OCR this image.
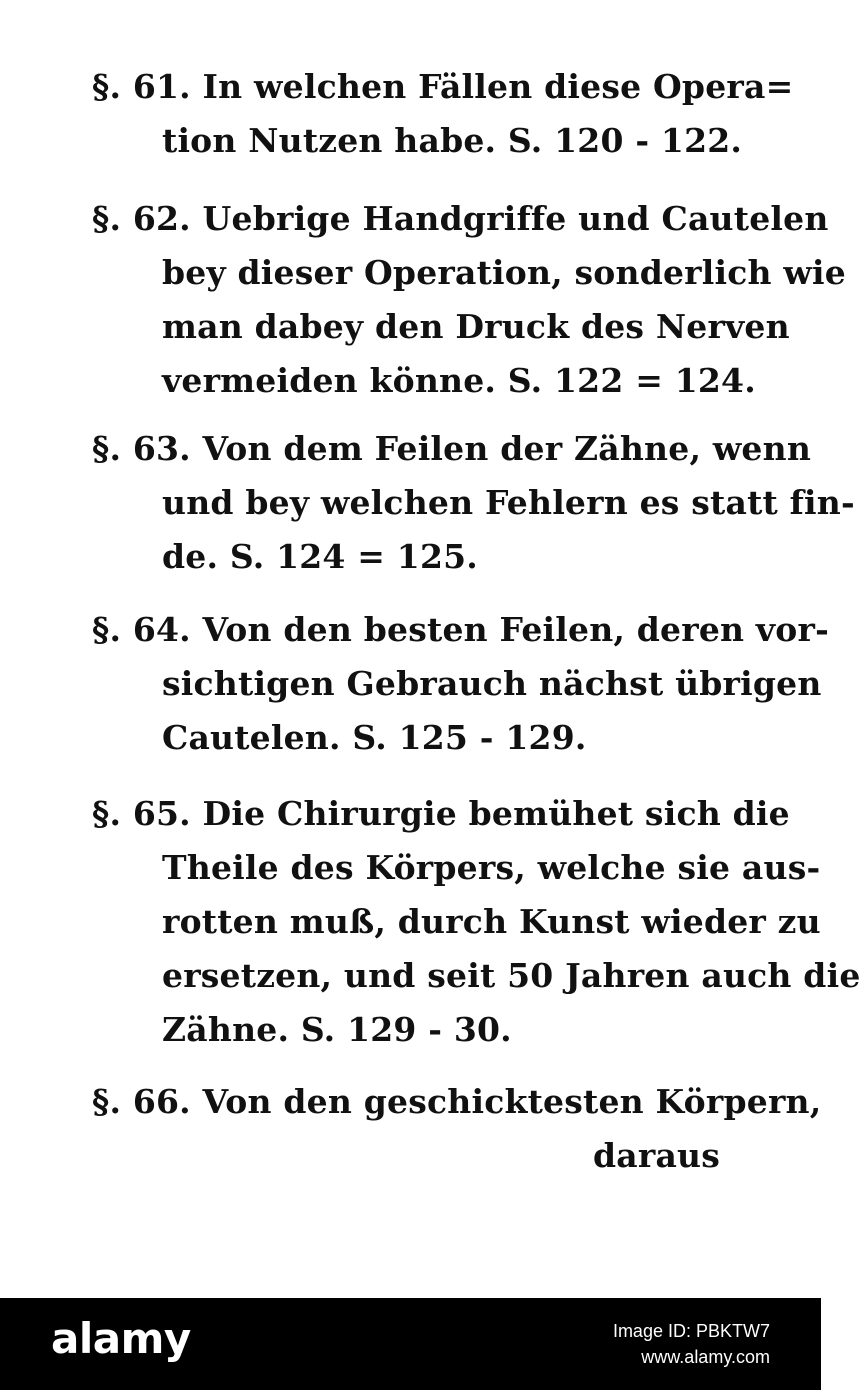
§. 61. In welchen Fällen diese Opera=
tion Nutzen habe. S. 120 - 122.
§. 62. Uebrige Handgriffe und Cautelen
bey dieser Operation, sonderlich wie
man dabey den Druck des Nerven
vermeiden könne. S. 122 = 124.
§. 63. Von dem Feilen der Zähne, wenn
und bey welchen Fehlern es statt fin-
de. S. 124 = 125.
§. 64. Von den besten Feilen, deren vor-
sichtigen Gebrauch nächst übrigen
Cautelen. S. 125 - 129.
§. 65. Die Chirurgie bemühet sich die
Theile des Körpers, welche sie aus-
rotten muß, durch Kunst wieder zu
ersetzen, und seit 50 Jahren auch die
Zähne. S. 129 - 30.
§. 66. Von den geschicktesten Körpern,
daraus
alamy	Image ID: PBKTW7
www.alamy.com
